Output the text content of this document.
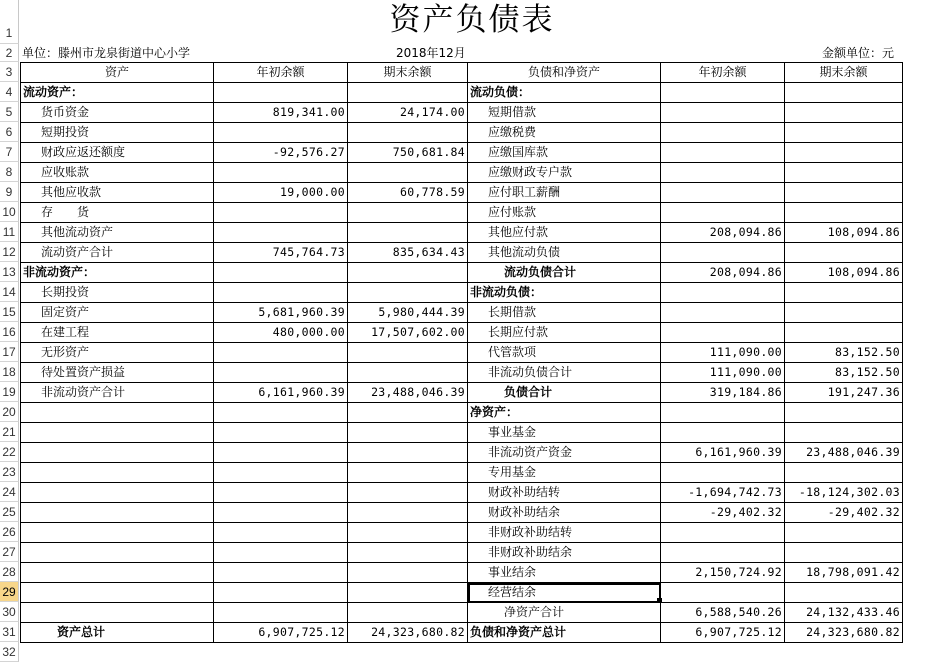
1
2
3
4
5
6
7
8
9
10
11
12
13
14
15
16
17
18
19
20
21
22
23
24
25
26
27
28
29
30
31
32
资产负债表
单位：滕州市龙泉街道中心小学	2018年12月	金额单位：元
资产	年初余额	期末余额	负债和净资产	年初余额	期末余额
流动资产：			流动负债：		
货币资金	819,341.00	24,174.00	短期借款		
短期投资			应缴税费		
财政应返还额度	-92,576.27	750,681.84	应缴国库款		
应收账款			应缴财政专户款		
其他应收款	19,000.00	60,778.59	应付职工薪酬		
存　　货			应付账款		
其他流动资产			其他应付款	208,094.86	108,094.86
流动资产合计	745,764.73	835,634.43	其他流动负债		
非流动资产：			流动负债合计	208,094.86	108,094.86
长期投资			非流动负债：		
固定资产	5,681,960.39	5,980,444.39	长期借款		
在建工程	480,000.00	17,507,602.00	长期应付款		
无形资产			代管款项	111,090.00	83,152.50
待处置资产损益			非流动负债合计	111,090.00	83,152.50
非流动资产合计	6,161,960.39	23,488,046.39	负债合计	319,184.86	191,247.36
			净资产：		
			事业基金		
			非流动资产资金	6,161,960.39	23,488,046.39
			专用基金		
			财政补助结转	-1,694,742.73	-18,124,302.03
			财政补助结余	-29,402.32	-29,402.32
			非财政补助结转		
			非财政补助结余		
			事业结余	2,150,724.92	18,798,091.42
			经营结余		
			净资产合计	6,588,540.26	24,132,433.46
资产总计	6,907,725.12	24,323,680.82	负债和净资产总计	6,907,725.12	24,323,680.82
